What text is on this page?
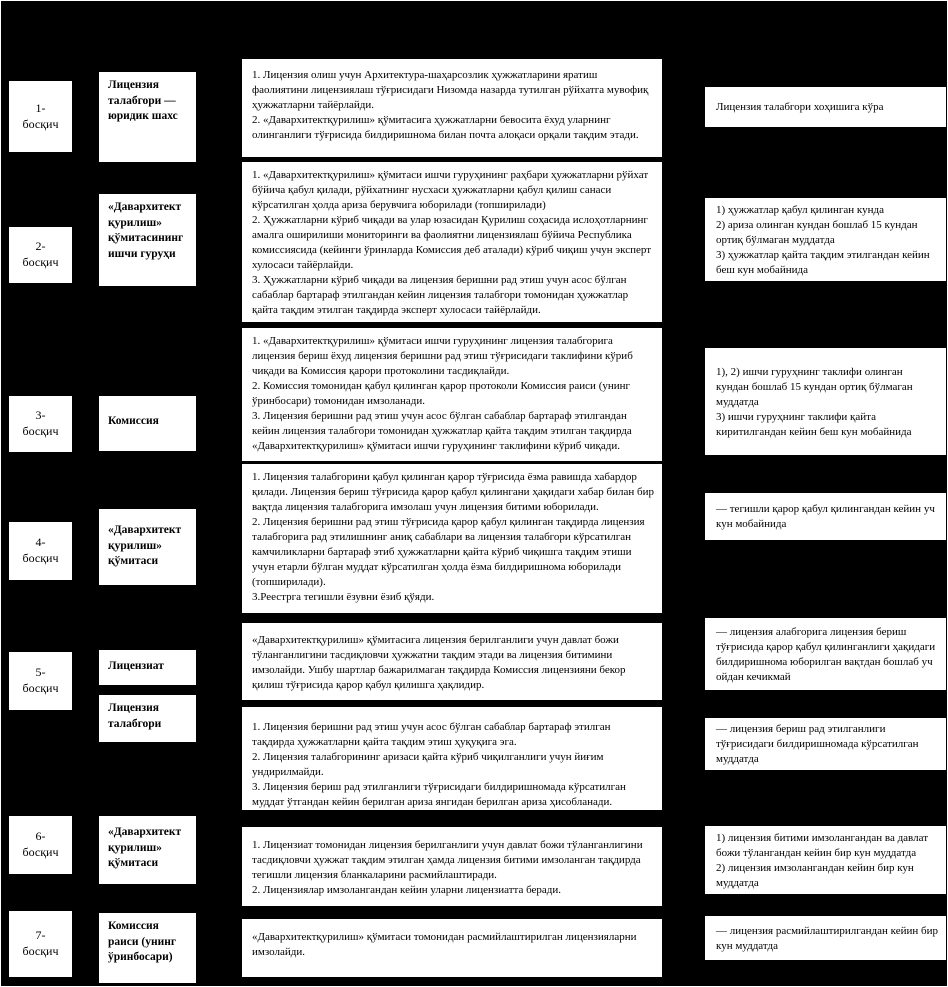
1-
босқич
2-
босқич
3-
босқич
4-
босқич
5-
босқич
6-
босқич
7-
босқич
Лицензия талабгори — юридик шахс
«Давархитект қурилиш» қўмитасининг ишчи гуруҳи
Комиссия
«Давархитект қурилиш» қўмитаси
Лицензиат
Лицензия талабгори
«Давархитект қурилиш» қўмитаси
Комиссия раиси (унинг ўринбосари)

1. Лицензия олиш учун Архитектура-шаҳарсозлик ҳужжатларини яратиш фаолиятини лицензиялаш тўғрисидаги Низомда назарда тутилган рўйхатга мувофиқ ҳужжатларни тайёрлайди.

2. «Давархитектқурилиш» қўмитасига ҳужжатларни бевосита ёхуд уларнинг олинганлиги тўғрисида билдиришнома билан почта алоқаси орқали тақдим этади.

1. «Давархитектқурилиш» қўмитаси ишчи гуруҳининг раҳбари ҳужжатларни рўйхат бўйича қабул қилади, рўйхатнинг нусхаси ҳужжатларни қабул қилиш санаси кўрсатилган ҳолда ариза берувчига юборилади (топширилади)

2. Ҳужжатларни кўриб чиқади ва улар юзасидан Қурилиш соҳасида ислоҳотларнинг амалга оширилиши мониторинги ва фаолиятни лицензиялаш бўйича Республика комиссиясида (кейинги ўринларда Комиссия деб аталади) кўриб чиқиш учун эксперт хулосаси тайёрлайди.

3. Ҳужжатларни кўриб чиқади ва лицензия беришни рад этиш учун асос бўлган сабаблар бартараф этилгандан кейин лицензия талабгори томонидан ҳужжатлар қайта тақдим этилган тақдирда эксперт хулосаси тайёрлайди.

1. «Давархитектқурилиш» қўмитаси ишчи гуруҳининг лицензия талабгорига лицензия бериш ёхуд лицензия беришни рад этиш тўғрисидаги таклифини кўриб чиқади ва Комиссия қарори протоколини тасдиқлайди.

2. Комиссия томонидан қабул қилинган қарор протоколи Комиссия раиси (унинг ўринбосари) томонидан имзоланади.

3. Лицензия беришни рад этиш учун асос бўлган сабаблар бартараф этилгандан кейин лицензия талабгори томонидан ҳужжатлар қайта тақдим этилган тақдирда «Давархитектқурилиш» қўмитаси ишчи гуруҳининг таклифини кўриб чиқади.

1. Лицензия талабгорини қабул қилинган қарор тўғрисида ёзма равишда хабардор қилади. Лицензия бериш тўғрисида қарор қабул қилингани ҳақидаги хабар билан бир вақтда лицензия талабгорига имзолаш учун лицензия битими юборилади.

2. Лицензия беришни рад этиш тўғрисида қарор қабул қилинган тақдирда лицензия талабгорига рад этилишнинг аниқ сабаблари ва лицензия талабгори кўрсатилган камчиликларни бартараф этиб ҳужжатларни қайта кўриб чиқишга тақдим этиши учун етарли бўлган муддат кўрсатилган ҳолда ёзма билдиришнома юборилади (топширилади).

3.Реестрга тегишли ёзувни ёзиб қўяди.

«Давархитектқурилиш» қўмитасига лицензия берилганлиги учун давлат божи тўланганлигини тасдиқловчи ҳужжатни тақдим этади ва лицензия битимини имзолайди. Ушбу шартлар бажарилмаган тақдирда Комиссия лицензияни бекор қилиш тўғрисида қарор қабул қилишга ҳақлидир.

1. Лицензия беришни рад этиш учун асос бўлган сабаблар бартараф этилган тақдирда ҳужжатларни қайта тақдим этиш ҳуқуқига эга.

2. Лицензия талабгорининг аризаси қайта кўриб чиқилганлиги учун йиғим ундирилмайди.

3. Лицензия бериш рад этилганлиги тўғрисидаги билдиришномада кўрсатилган муддат ўтгандан кейин берилган ариза янгидан берилган ариза ҳисобланади.

1. Лицензиат томонидан лицензия берилганлиги учун давлат божи тўланганлигини тасдиқловчи ҳужжат тақдим этилган ҳамда лицензия битими имзоланган тақдирда тегишли лицензия бланкаларини расмийлаштиради.

2. Лицензиялар имзолангандан кейин уларни лицензиатта беради.

«Давархитектқурилиш» қўмитаси томонидан расмийлаштирилган лицензияларни имзолайди.

Лицензия талабгори хоҳишига кўра

1) ҳужжатлар қабул қилинган кунда

2) ариза олинган кундан бошлаб 15 кундан ортиқ бўлмаган муддатда

3) ҳужжатлар қайта тақдим этилгандан кейин беш кун мобайнида

1), 2) ишчи гуруҳнинг таклифи олинган кундан бошлаб 15 кундан ортиқ бўлмаган муддатда

3) ишчи гуруҳнинг таклифи қайта киритилгандан кейин беш кун мобайнида

— тегишли қарор қабул қилингандан кейин уч кун мобайнида

— лицензия алабгорига лицензия бериш тўғрисида қарор қабул қилинганлиги ҳақидаги билдиришнома юборилган вақтдан бошлаб уч ойдан кечикмай

— лицензия бериш рад этилганлиги тўғрисидаги билдиришномада кўрсатилган муддатда

1) лицензия битими имзолангандан ва давлат божи тўлангандан кейин бир кун муддатда

2) лицензия имзолангандан кейин бир кун муддатда

— лицензия расмийлаштирилгандан кейин бир кун муддатда
